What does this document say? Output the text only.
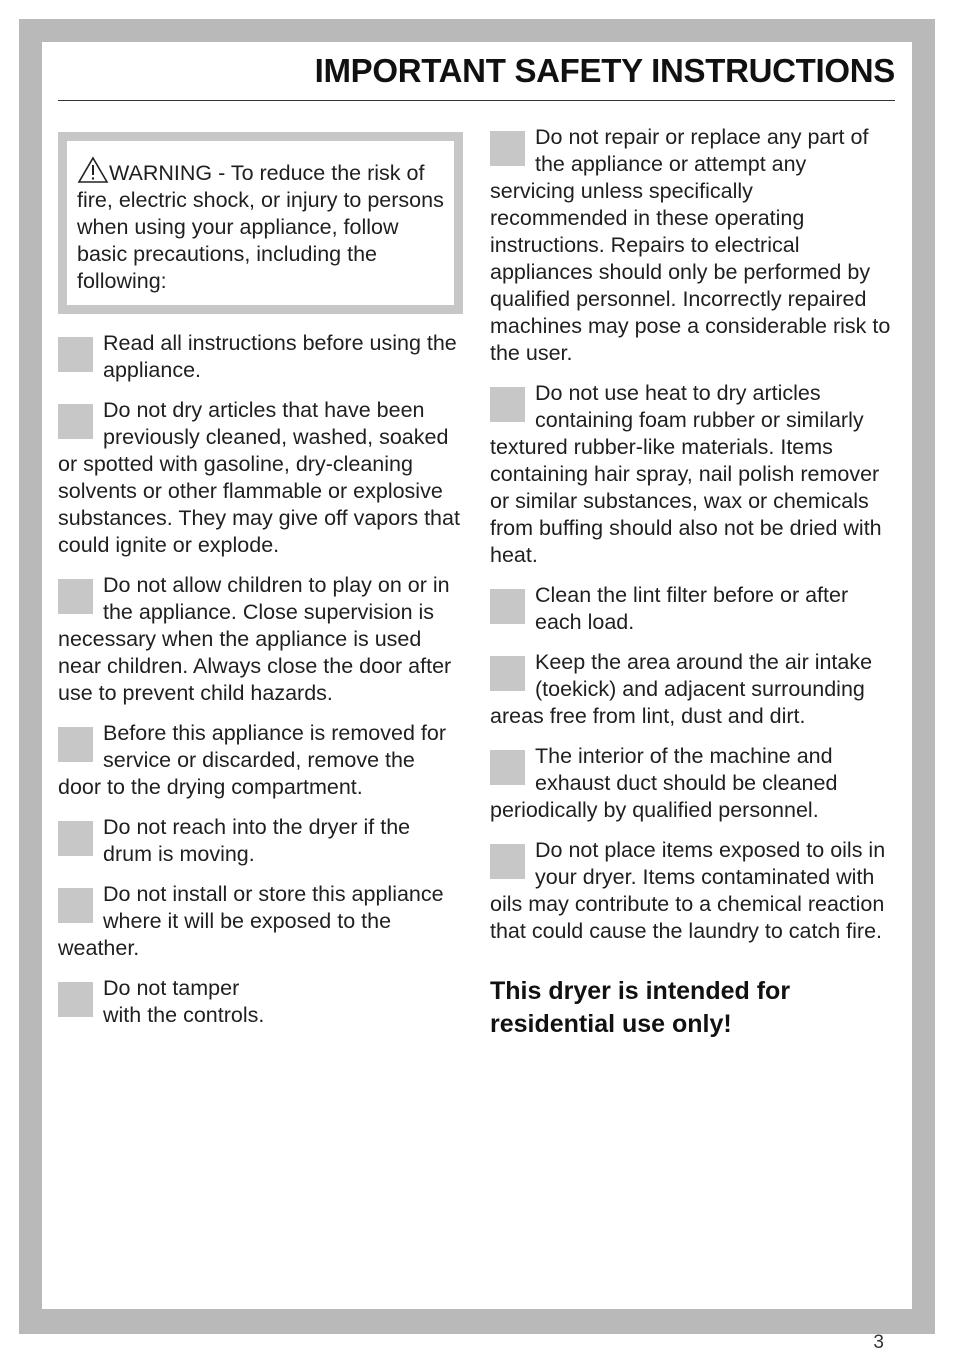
IMPORTANT SAFETY INSTRUCTIONS
WARNING - To reduce the risk of fire, electric shock, or injury to persons when using your appliance, follow basic precautions, including the following:
Read all instructions before using the appliance.
Do not dry articles that have been previously cleaned, washed, soaked or spotted with gasoline, dry-cleaning solvents or other flammable or explosive substances. They may give off vapors that could ignite or explode.
Do not allow children to play on or in the appliance. Close supervision is necessary when the appliance is used near children. Always close the door after use to prevent child hazards.
Before this appliance is removed for service or discarded, remove the door to the drying compartment.
Do not reach into the dryer if the drum is moving.
Do not install or store this appliance where it will be exposed to the weather.
Do not tamper with the controls.
Do not repair or replace any part of the appliance or attempt any servicing unless specifically recommended in these operating instructions. Repairs to electrical appliances should only be performed by qualified personnel. Incorrectly repaired machines may pose a considerable risk to the user.
Do not use heat to dry articles containing foam rubber or similarly textured rubber-like materials. Items containing hair spray, nail polish remover or similar substances, wax or chemicals from buffing should also not be dried with heat.
Clean the lint filter before or after each load.
Keep the area around the air intake (toekick) and adjacent surrounding areas free from lint, dust and dirt.
The interior of the machine and exhaust duct should be cleaned periodically by qualified personnel.
Do not place items exposed to oils in your dryer. Items contaminated with oils may contribute to a chemical reaction that could cause the laundry to catch fire.
This dryer is intended for residential use only!
3
